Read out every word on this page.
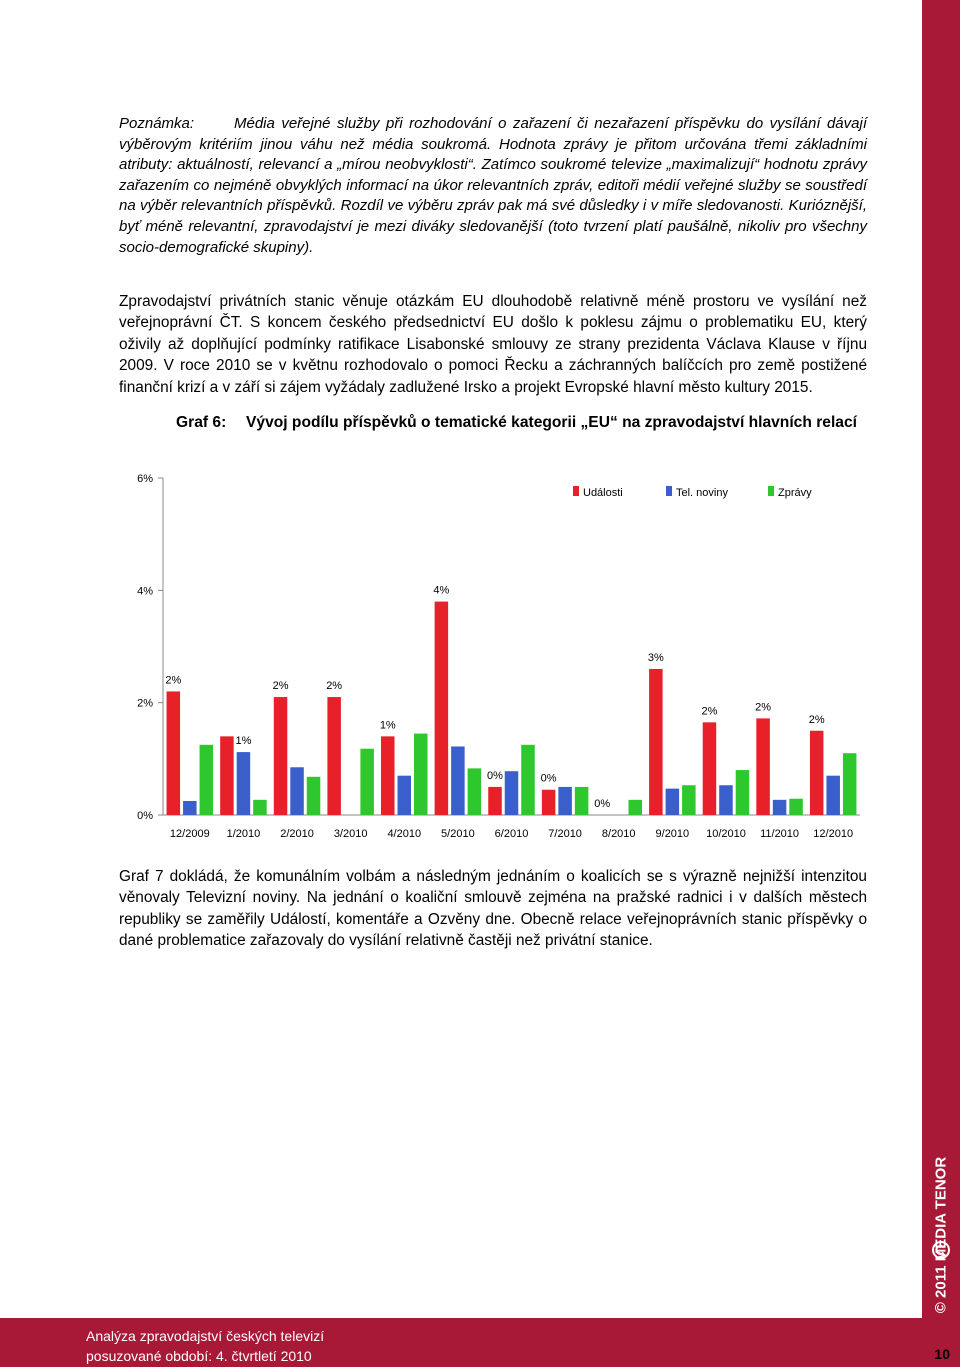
Poznámka:	Média veřejné služby při rozhodování o zařazení či nezařazení příspěvku do vysílání dávají výběrovým kritériím jinou váhu než média soukromá. Hodnota zprávy je přitom určována třemi základními atributy: aktuálností, relevancí a „mírou neobvyklosti“. Zatímco soukromé televize „maximalizují“ hodnotu zprávy zařazením co nejméně obvyklých informací na úkor relevantních zpráv, editoři médií veřejné služby se soustředí na výběr relevantních příspěvků. Rozdíl ve výběru zpráv pak má své důsledky i v míře sledovanosti. Kurióznější, byť méně relevantní, zpravodajství je mezi diváky sledovanější (toto tvrzení platí paušálně, nikoliv pro všechny socio-demografické skupiny).

Zpravodajství privátních stanic věnuje otázkám EU dlouhodobě relativně méně prostoru ve vysílání než veřejnoprávní ČT. S koncem českého předsednictví EU došlo k poklesu zájmu o problematiku EU, který oživily až doplňující podmínky ratifikace Lisabonské smlouvy ze strany prezidenta Václava Klause v říjnu 2009. V roce 2010 se v květnu rozhodovalo o pomoci Řecku a záchranných balíčcích pro země postižené finanční krizí a v září si zájem vyžádaly zadlužené Irsko a projekt Evropské hlavní město kultury 2015.

Graf 6: Vývoj podílu příspěvků o tematické kategorii „EU“ na zpravodajství hlavních relací
0%
2%
4%
6%
12/2009 1/2010 2/2010 3/2010 4/2010 5/2010 6/2010 7/2010 8/2010 9/2010 10/2010 11/2010 12/2010
2%
1%
2%	2%
1%
4%
0%	0%
0%
3%
2%	2%
2%
Události	Tel. noviny	Zprávy

Graf 7 dokládá, že komunálním volbám a následným jednáním o koalicích se s výrazně nejnižší intenzitou věnovaly Televizní noviny. Na jednání o koaliční smlouvě zejména na pražské radnici i v dalších městech republiky se zaměřily Událostí, komentáře a Ozvěny dne. Obecně relace veřejnoprávních stanic příspěvky o dané problematice zařazovaly do vysílání relativně častěji než privátní stanice.

© 2011 MEDIA TENOR
Analýza zpravodajství českých televizí
posuzované období: 4. čtvrtletí 2010	10
